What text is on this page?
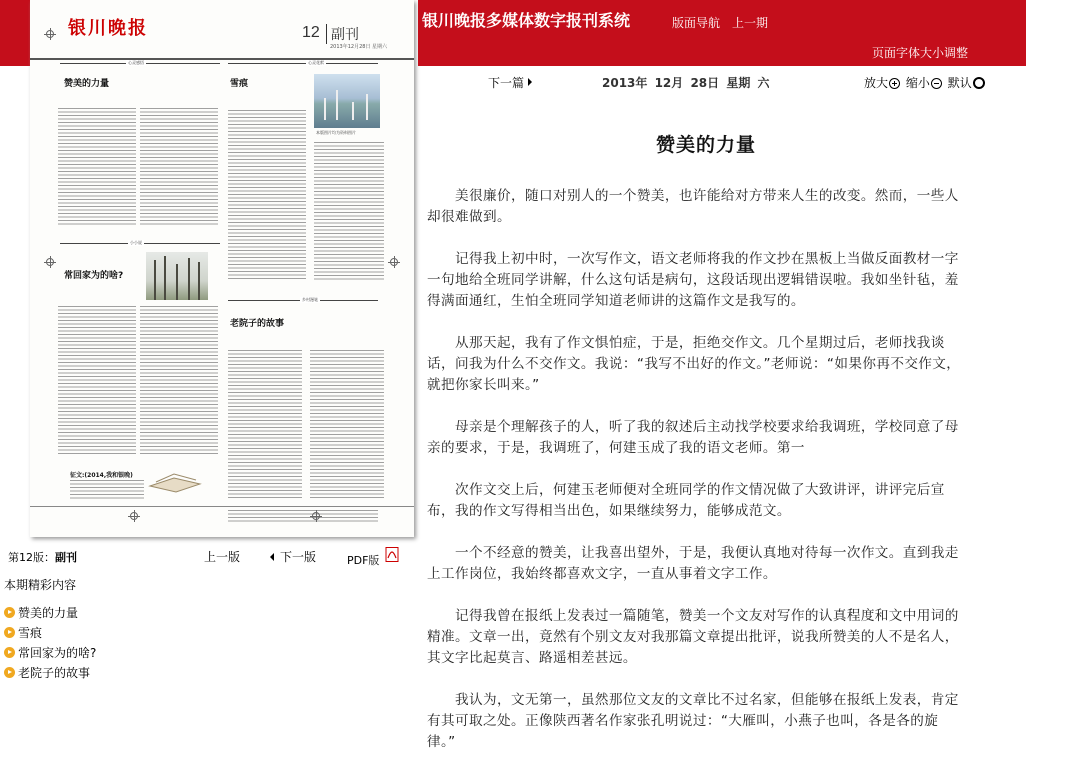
银川晚报	12 副刊
2013年12月28日 星期六
心灵感悟
赞美的力量
心灵花絮
雪痕
本版图片均为资料图片
小小说
常回家为的啥?
乡村漫笔
老院子的故事
征文:(2014,我和银晚)
第12版：副刊	上一版	下一版	PDF版
本期精彩内容
赞美的力量
雪痕
常回家为的啥?
老院子的故事
银川晚报多媒体数字报刊系统	版面导航 上一期
页面字体大小调整
下一篇	2013年 12月 28日 星期 六	放大 缩小 默认
赞美的力量

美很廉价，随口对别人的一个赞美，也许能给对方带来人生的改变。然而，一些人却很难做到。

记得我上初中时，一次写作文，语文老师将我的作文抄在黑板上当做反面教材一字一句地给全班同学讲解，什么这句话是病句，这段话现出逻辑错误啦。我如坐针毡，羞得满面通红，生怕全班同学知道老师讲的这篇作文是我写的。

从那天起，我有了作文惧怕症，于是，拒绝交作文。几个星期过后，老师找我谈话，问我为什么不交作文。我说：“我写不出好的作文。”老师说：“如果你再不交作文，就把你家长叫来。”

母亲是个理解孩子的人，听了我的叙述后主动找学校要求给我调班，学校同意了母亲的要求，于是，我调班了，何建玉成了我的语文老师。第一

次作文交上后，何建玉老师便对全班同学的作文情况做了大致讲评，讲评完后宣布，我的作文写得相当出色，如果继续努力，能够成范文。

一个不经意的赞美，让我喜出望外，于是，我便认真地对待每一次作文。直到我走上工作岗位，我始终都喜欢文字，一直从事着文字工作。

记得我曾在报纸上发表过一篇随笔，赞美一个文友对写作的认真程度和文中用词的精准。文章一出，竟然有个别文友对我那篇文章提出批评，说我所赞美的人不是名人，其文字比起莫言、路遥相差甚远。

我认为，文无第一，虽然那位文友的文章比不过名家，但能够在报纸上发表，肯定有其可取之处。正像陕西著名作家张孔明说过：“大雁叫，小燕子也叫，各是各的旋律。”
